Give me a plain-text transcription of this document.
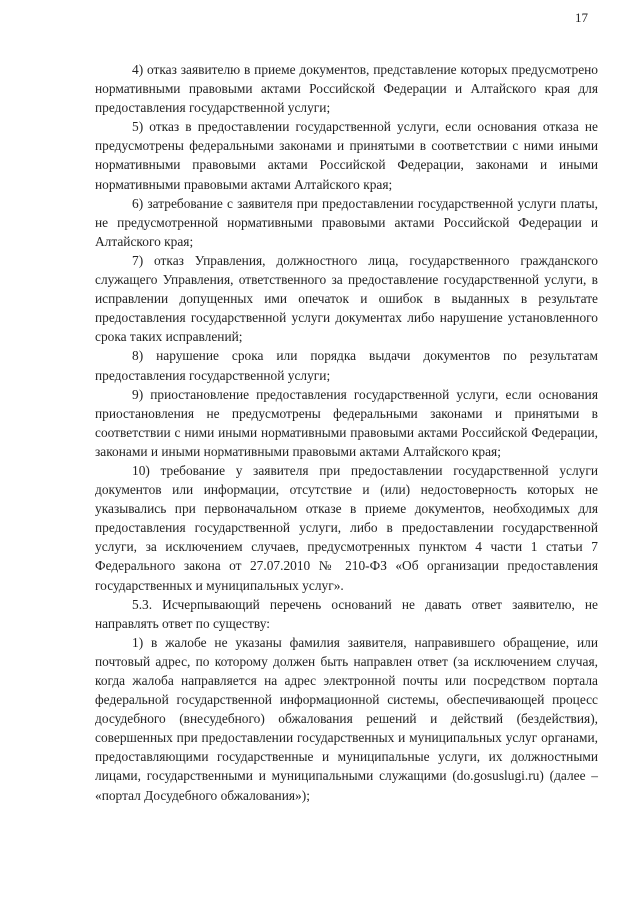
17

4) отказ заявителю в приеме документов, представление которых предусмотрено нормативными правовыми актами Российской Федерации и Алтайского края для предоставления государственной услуги;

5) отказ в предоставлении государственной услуги, если основания отказа не предусмотрены федеральными законами и принятыми в соответствии с ними иными нормативными правовыми актами Российской Федерации, законами и иными нормативными правовыми актами Алтайского края;

6) затребование с заявителя при предоставлении государственной услуги платы, не предусмотренной нормативными правовыми актами Российской Федерации и Алтайского края;

7) отказ Управления, должностного лица, государственного гражданского служащего Управления, ответственного за предоставление государственной услуги, в исправлении допущенных ими опечаток и ошибок в выданных в результате предоставления государственной услуги документах либо нарушение установленного срока таких исправлений;

8) нарушение срока или порядка выдачи документов по результатам предоставления государственной услуги;

9) приостановление предоставления государственной услуги, если основания приостановления не предусмотрены федеральными законами и принятыми в соответствии с ними иными нормативными правовыми актами Российской Федерации, законами и иными нормативными правовыми актами Алтайского края;

10) требование у заявителя при предоставлении государственной услуги документов или информации, отсутствие и (или) недостоверность которых не указывались при первоначальном отказе в приеме документов, необходимых для предоставления государственной услуги, либо в предоставлении государственной услуги, за исключением случаев, предусмотренных пунктом 4 части 1 статьи 7 Федерального закона от 27.07.2010 № 210-ФЗ «Об организации предоставления государственных и муниципальных услуг».

5.3. Исчерпывающий перечень оснований не давать ответ заявителю, не направлять ответ по существу:

1) в жалобе не указаны фамилия заявителя, направившего обращение, или почтовый адрес, по которому должен быть направлен ответ (за исключением случая, когда жалоба направляется на адрес электронной почты или посредством портала федеральной государственной информационной системы, обеспечивающей процесс досудебного (внесудебного) обжалования решений и действий (бездействия), совершенных при предоставлении государственных и муниципальных услуг органами, предоставляющими государственные и муниципальные услуги, их должностными лицами, государственными и муниципальными служащими (do.gosuslugi.ru) (далее – «портал Досудебного обжалования»);
